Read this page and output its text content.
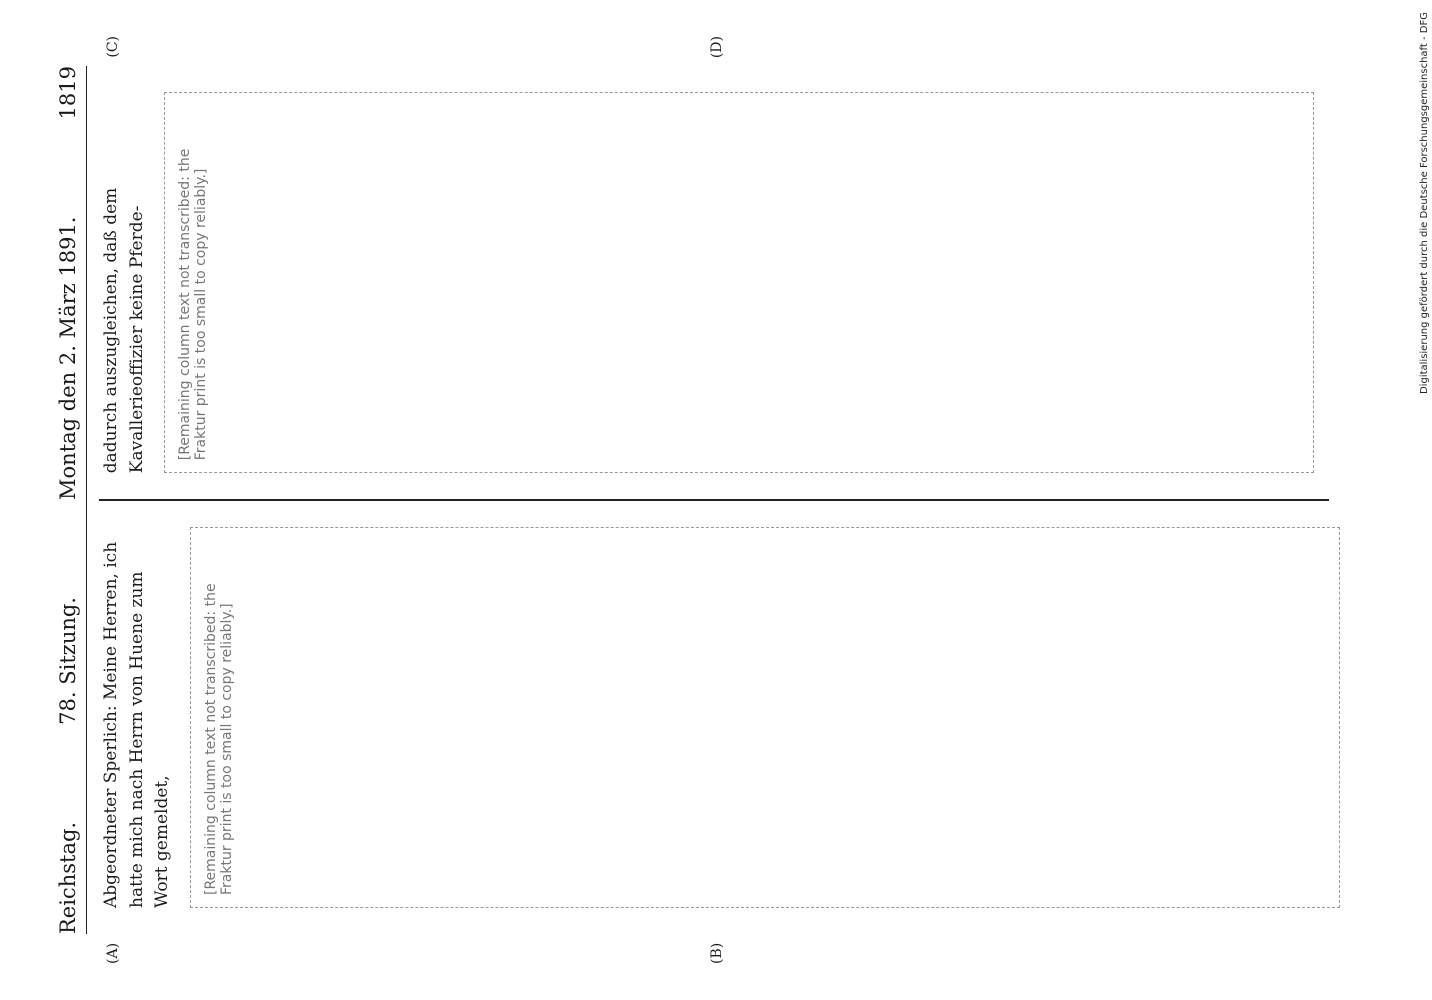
Digitalisierung gefördert durch die Deutsche Forschungsgemeinschaft - DFG
Reichstag.
78. Sitzung.
Montag den 2. März 1891.
1819
(A)	(B)
(C)	(D)

Abgeordneter Sperlich: Meine Herren, ich hatte mich nach Herrn von Huene zum Wort gemeldet,	[Remaining column text not transcribed: the Fraktur print is too small to copy reliably.]

dadurch auszugleichen, daß dem Kavallerieoffizier keine Pferde-	[Remaining column text not transcribed: the Fraktur print is too small to copy reliably.]
